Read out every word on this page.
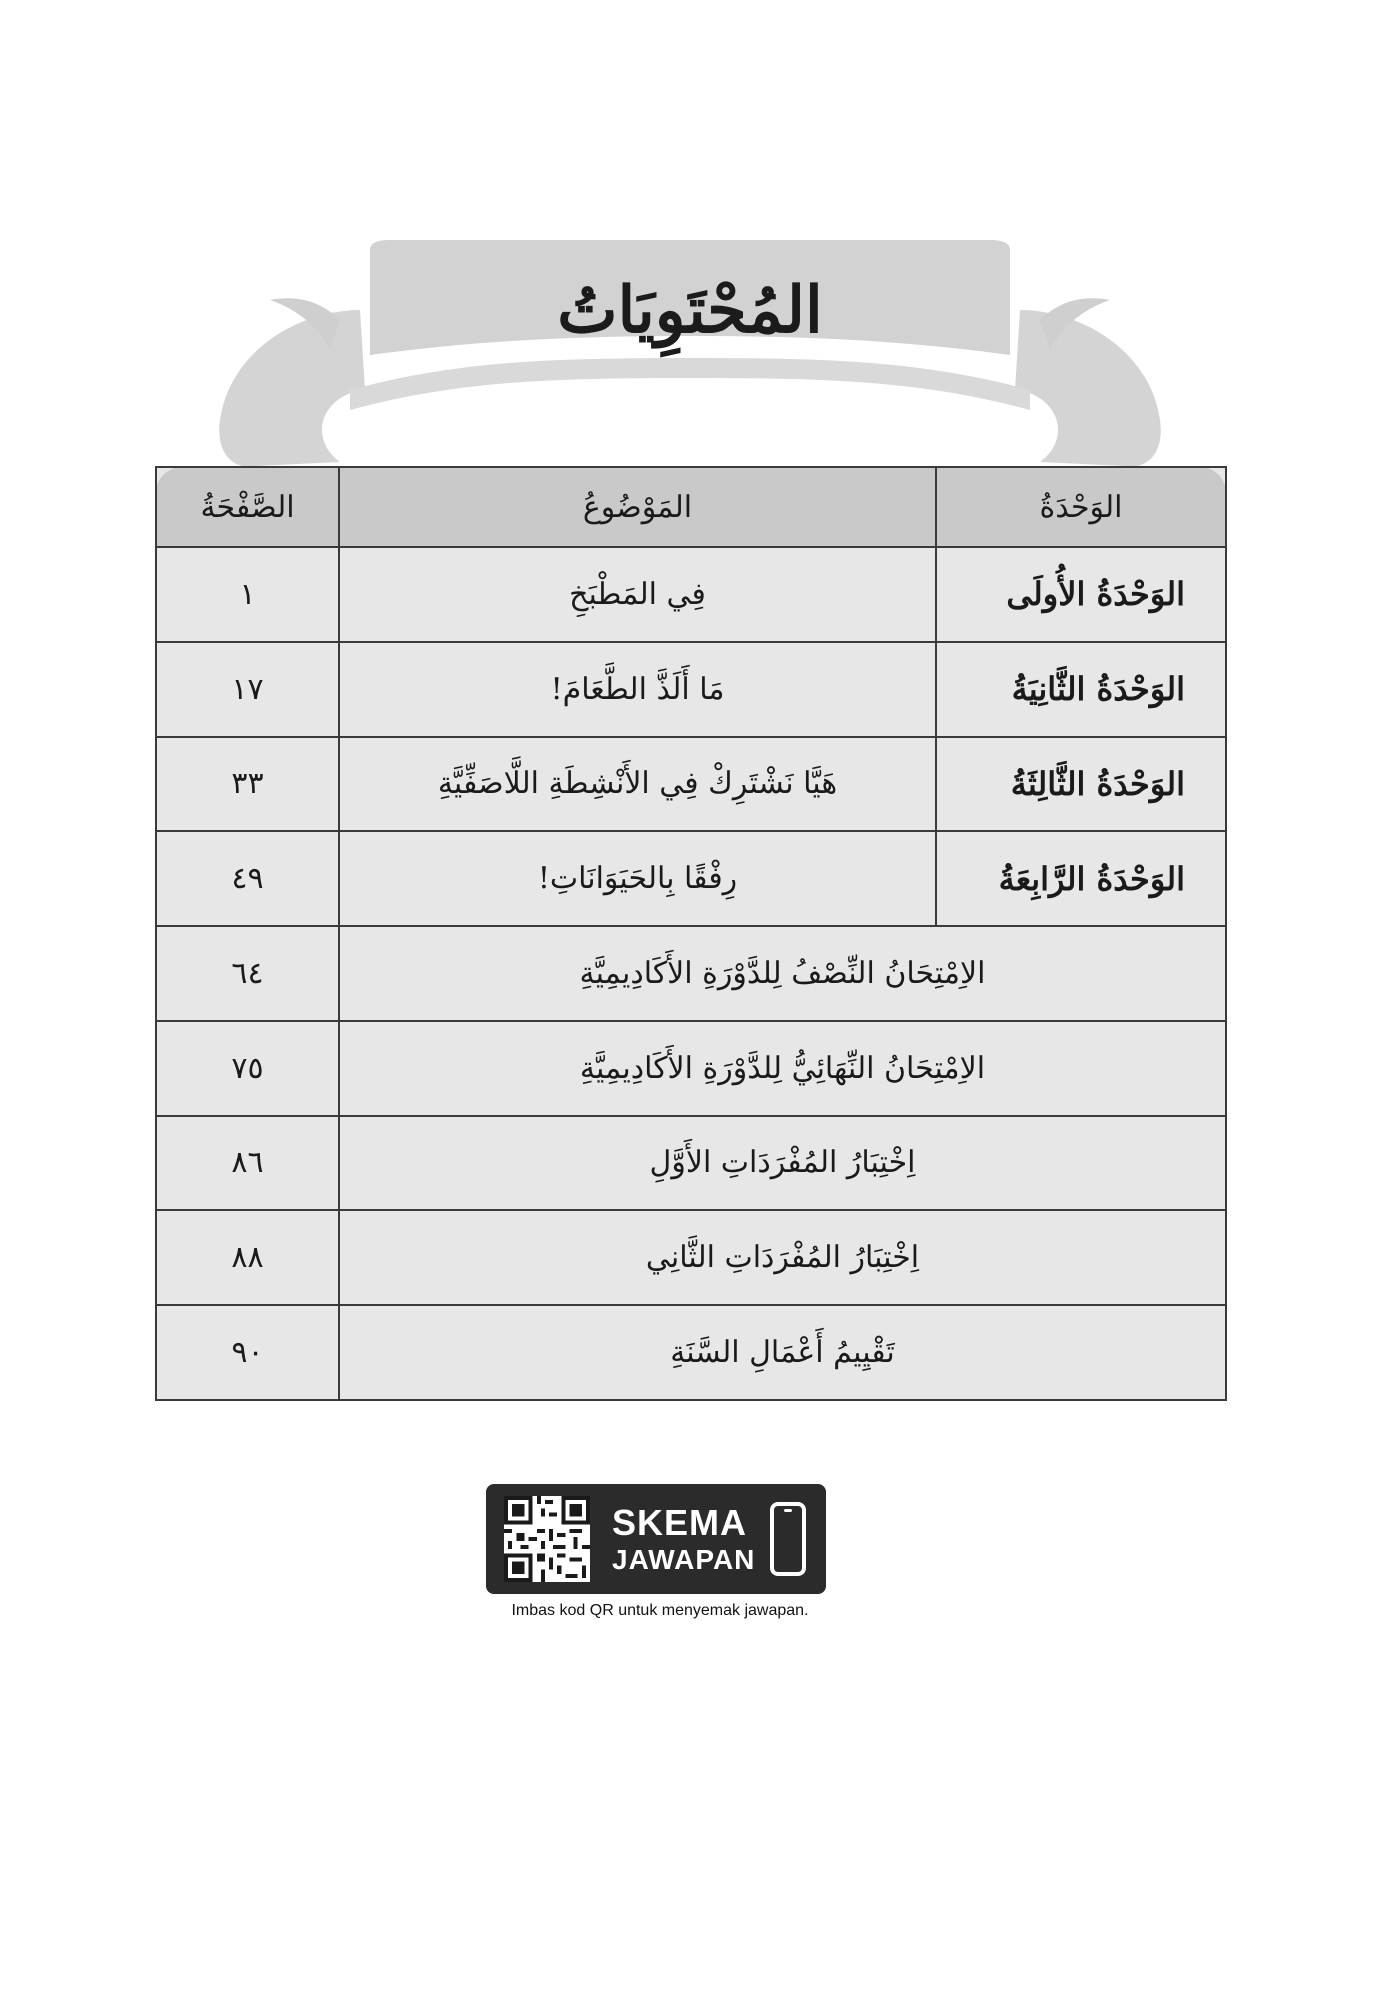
المُحْتَوِيَاتُ
الوَحْدَةُ	المَوْضُوعُ	الصَّفْحَةُ
الوَحْدَةُ الأُولَى	فِي المَطْبَخِ	١
الوَحْدَةُ الثَّانِيَةُ	مَا أَلَذَّ الطَّعَامَ!	١٧
الوَحْدَةُ الثَّالِثَةُ	هَيَّا نَشْتَرِكْ فِي الأَنْشِطَةِ اللَّاصَفِّيَّةِ	٣٣
الوَحْدَةُ الرَّابِعَةُ	رِفْقًا بِالحَيَوَانَاتِ!	٤٩
الاِمْتِحَانُ النِّصْفُ لِلدَّوْرَةِ الأَكَادِيمِيَّةِ		٦٤
الاِمْتِحَانُ النِّهَائِيُّ لِلدَّوْرَةِ الأَكَادِيمِيَّةِ		٧٥
اِخْتِبَارُ المُفْرَدَاتِ الأَوَّلِ		٨٦
اِخْتِبَارُ المُفْرَدَاتِ الثَّانِي		٨٨
تَقْيِيمُ أَعْمَالِ السَّنَةِ		٩٠
SKEMA
JAWAPAN
Imbas kod QR untuk menyemak jawapan.
